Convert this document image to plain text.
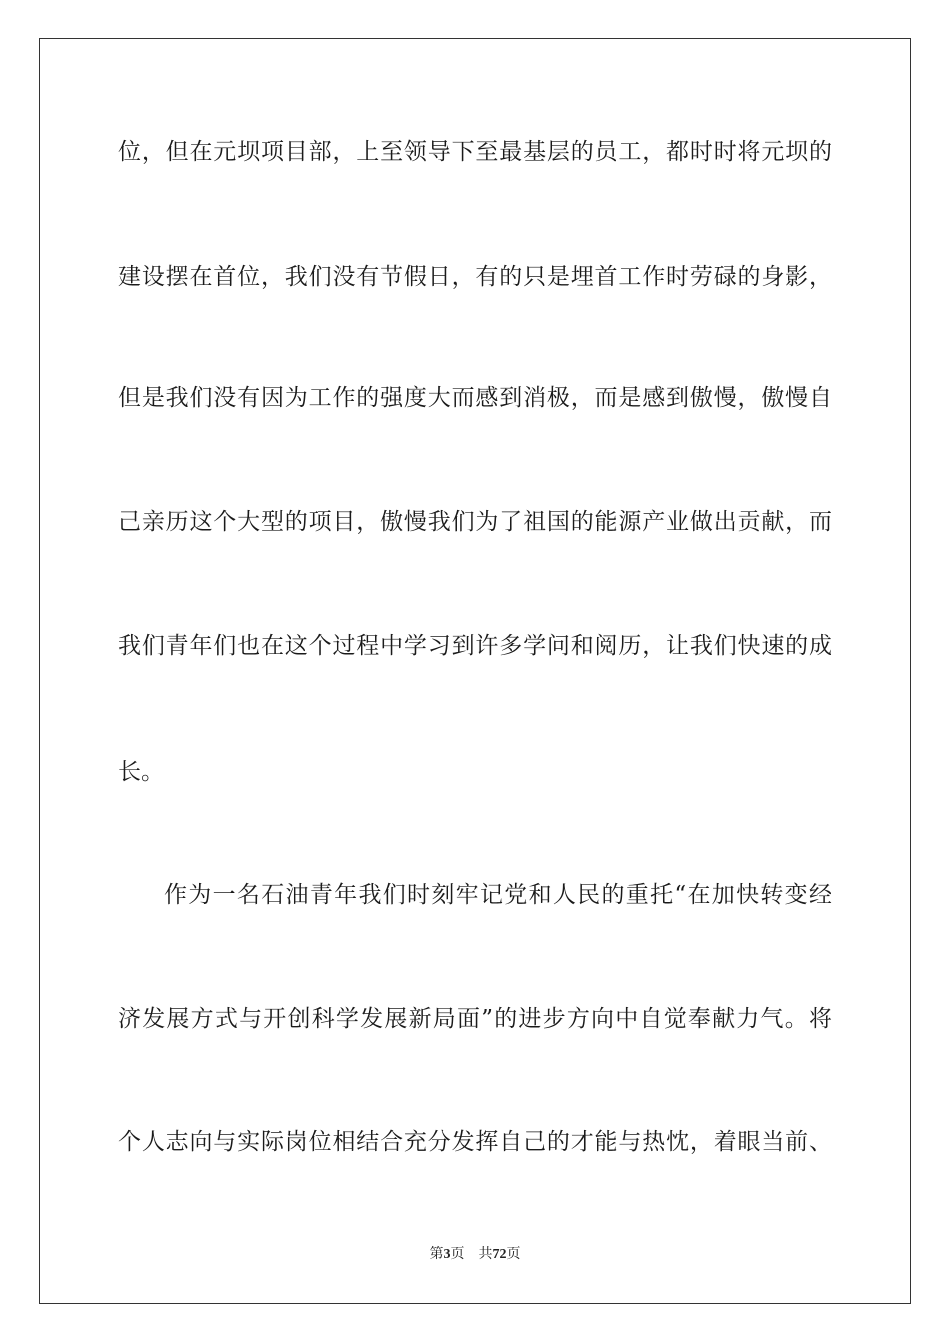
位，但在元坝项目部，上至领导下至最基层的员工，都时时将元坝的
建设摆在首位，我们没有节假日，有的只是埋首工作时劳碌的身影，
但是我们没有因为工作的强度大而感到消极，而是感到傲慢，傲慢自
己亲历这个大型的项目，傲慢我们为了祖国的能源产业做出贡献，而
我们青年们也在这个过程中学习到许多学问和阅历，让我们快速的成
长。
作为一名石油青年我们时刻牢记党和人民的重托“在加快转变经
济发展方式与开创科学发展新局面”的进步方向中自觉奉献力气。将
个人志向与实际岗位相结合充分发挥自己的才能与热忱，着眼当前、
第3页 共72页
